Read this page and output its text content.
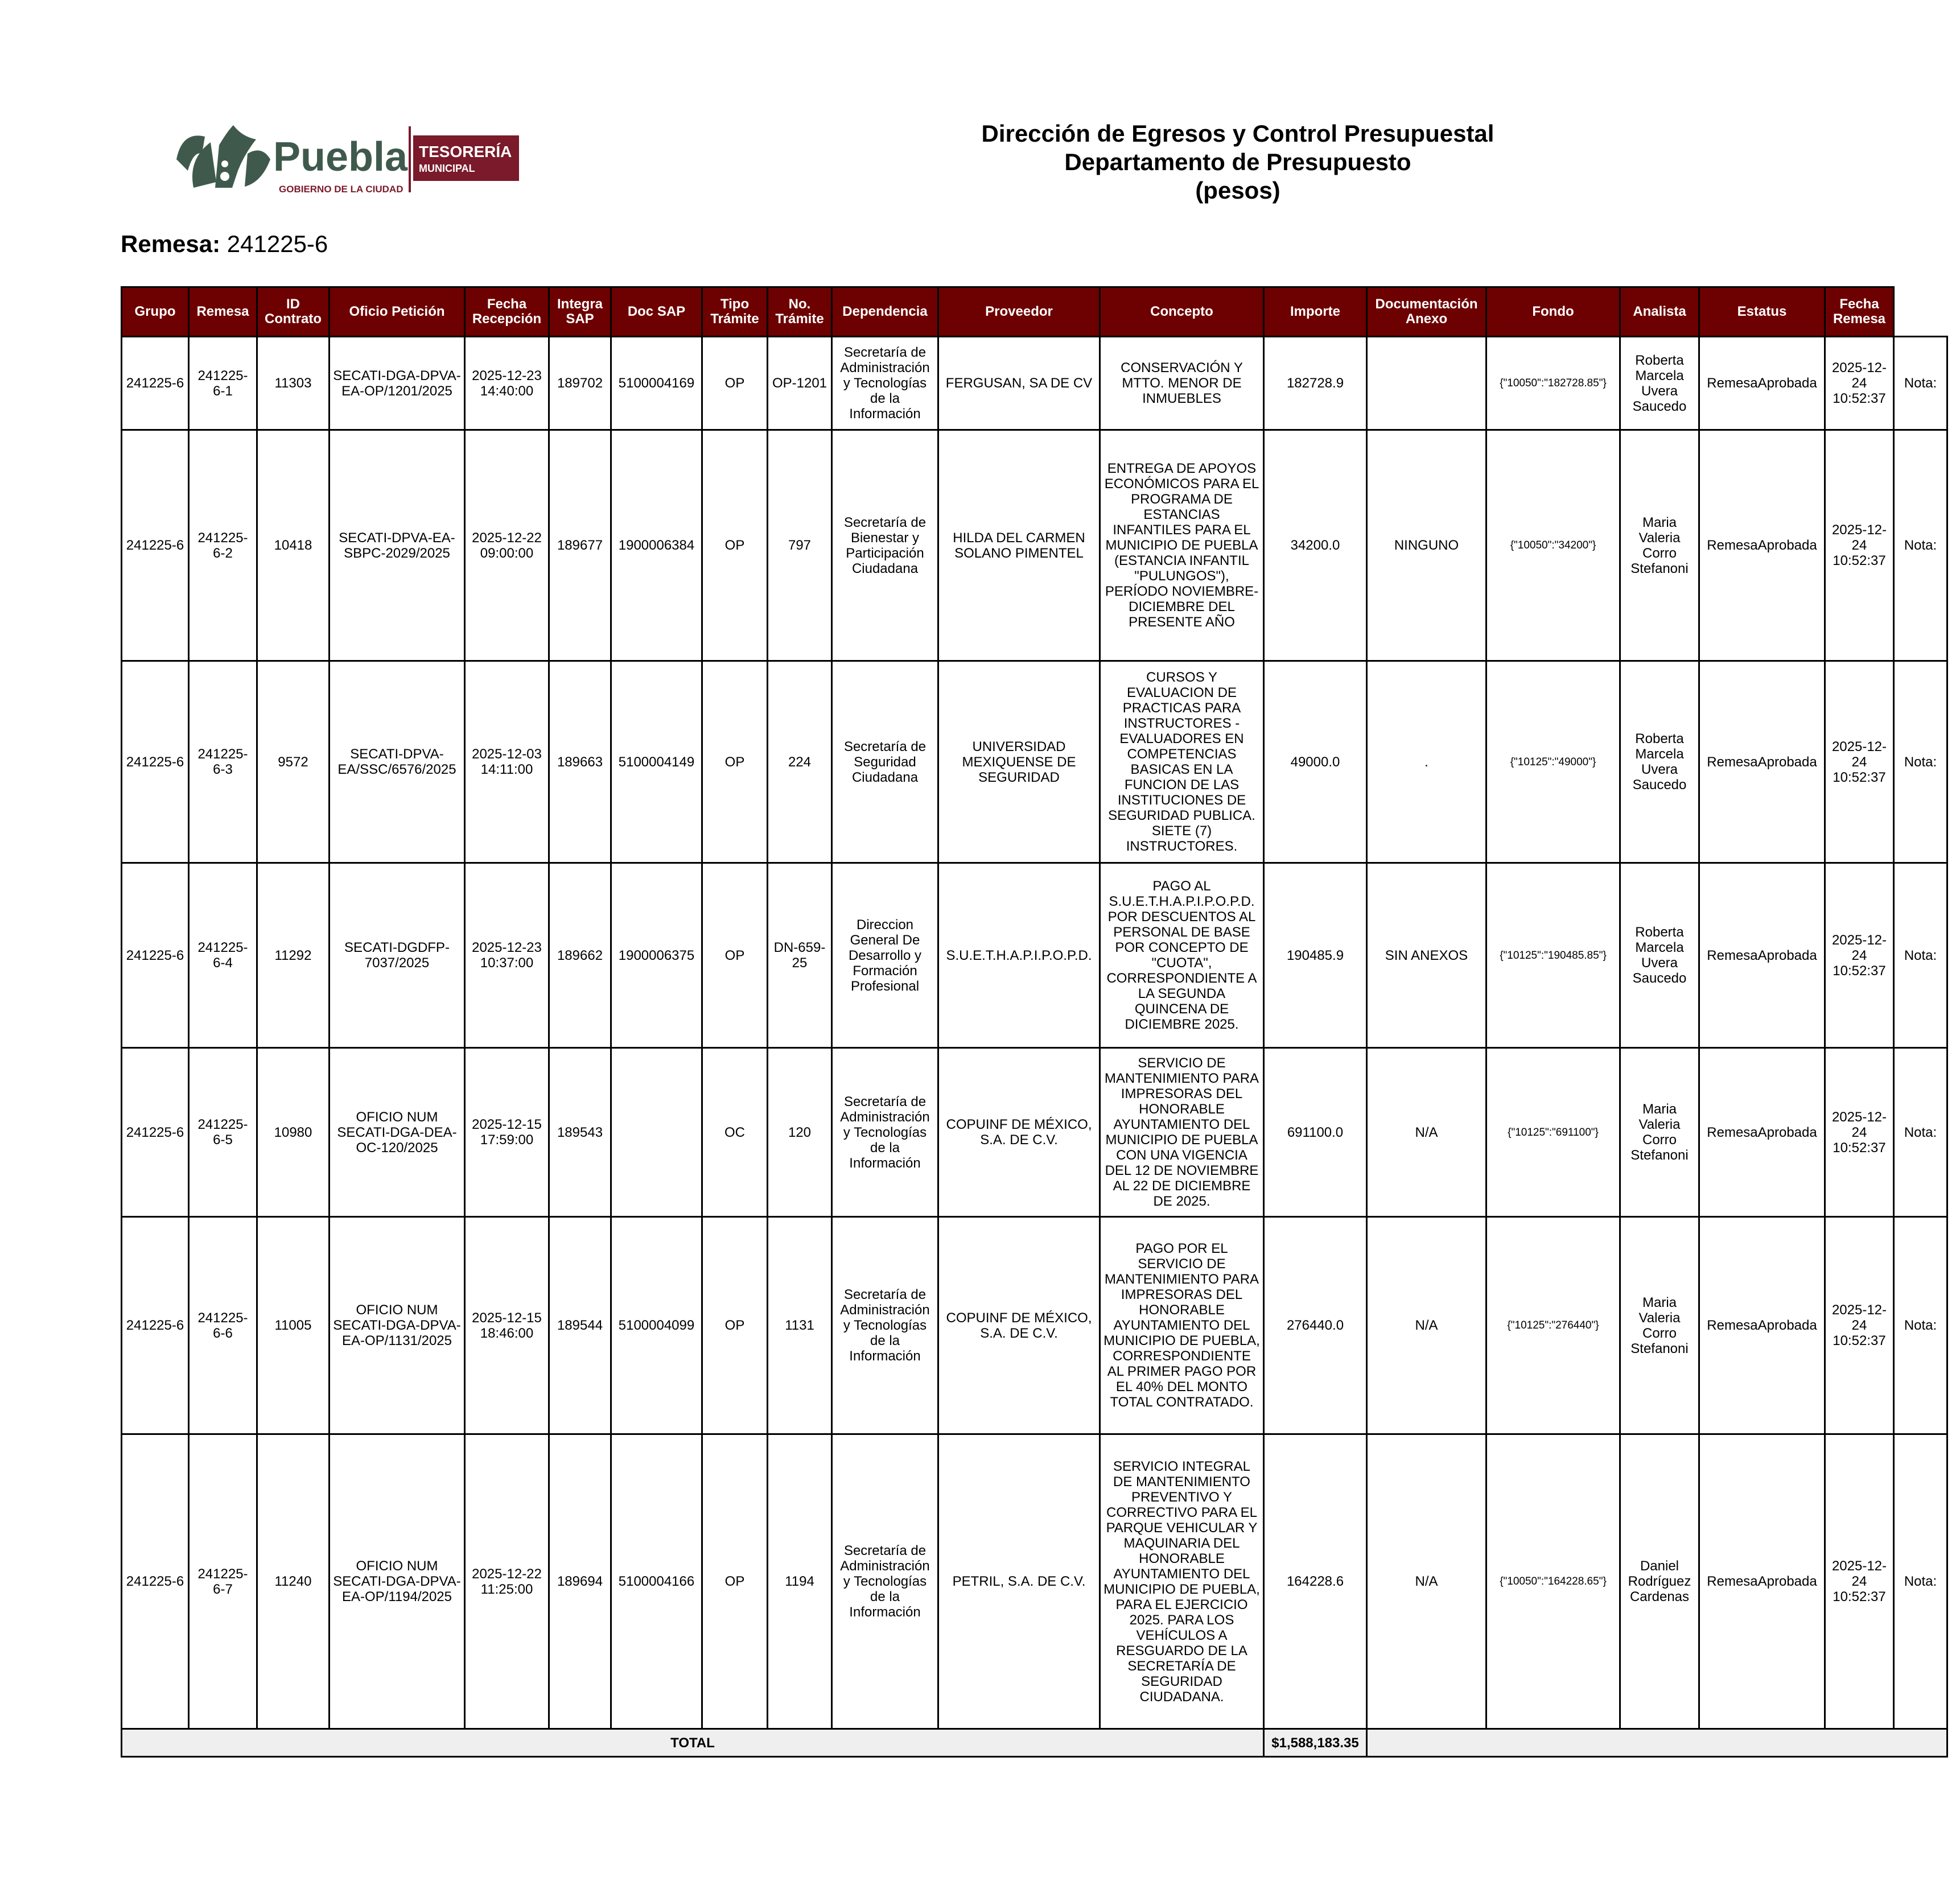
Puebla
GOBIERNO DE LA CIUDAD
TESORERÍA
MUNICIPAL
Dirección de Egresos y Control Presupuestal
Departamento de Presupuesto
(pesos)
Remesa: 241225-6
Grupo	Remesa	ID Contrato	Oficio Petición	Fecha Recepción	Integra SAP	Doc SAP	Tipo Trámite	No. Trámite	Dependencia	Proveedor	Concepto	Importe	Documentación Anexo	Fondo	Analista	Estatus	Fecha Remesa	
241225-6	241225-6-1	11303	SECATI-DGA-DPVA-EA-OP/1201/2025	2025-12-23 14:40:00	189702	5100004169	OP	OP-1201	Secretaría de Administración y Tecnologías de la Información	FERGUSAN, SA DE CV	CONSERVACIÓN Y MTTO. MENOR DE INMUEBLES	182728.9		{"10050":"182728.85"}	Roberta Marcela Uvera Saucedo	RemesaAprobada	2025-12-24 10:52:37	Nota:
241225-6	241225-6-2	10418	SECATI-DPVA-EA-SBPC-2029/2025	2025-12-22 09:00:00	189677	1900006384	OP	797	Secretaría de Bienestar y Participación Ciudadana	HILDA DEL CARMEN SOLANO PIMENTEL	ENTREGA DE APOYOS ECONÓMICOS PARA EL PROGRAMA DE ESTANCIAS INFANTILES PARA EL MUNICIPIO DE PUEBLA (ESTANCIA INFANTIL "PULUNGOS"), PERÍODO NOVIEMBRE-DICIEMBRE DEL PRESENTE AÑO	34200.0	NINGUNO	{"10050":"34200"}	Maria Valeria Corro Stefanoni	RemesaAprobada	2025-12-24 10:52:37	Nota:
241225-6	241225-6-3	9572	SECATI-DPVA-EA/SSC/6576/2025	2025-12-03 14:11:00	189663	5100004149	OP	224	Secretaría de Seguridad Ciudadana	UNIVERSIDAD MEXIQUENSE DE SEGURIDAD	CURSOS Y EVALUACION DE PRACTICAS PARA INSTRUCTORES - EVALUADORES EN COMPETENCIAS BASICAS EN LA FUNCION DE LAS INSTITUCIONES DE SEGURIDAD PUBLICA. SIETE (7) INSTRUCTORES.	49000.0	.	{"10125":"49000"}	Roberta Marcela Uvera Saucedo	RemesaAprobada	2025-12-24 10:52:37	Nota:
241225-6	241225-6-4	11292	SECATI-DGDFP-7037/2025	2025-12-23 10:37:00	189662	1900006375	OP	DN-659-25	Direccion General De Desarrollo y Formación Profesional	S.U.E.T.H.A.P.I.P.O.P.D.	PAGO AL S.U.E.T.H.A.P.I.P.O.P.D. POR DESCUENTOS AL PERSONAL DE BASE POR CONCEPTO DE "CUOTA", CORRESPONDIENTE A LA SEGUNDA QUINCENA DE DICIEMBRE 2025.	190485.9	SIN ANEXOS	{"10125":"190485.85"}	Roberta Marcela Uvera Saucedo	RemesaAprobada	2025-12-24 10:52:37	Nota:
241225-6	241225-6-5	10980	OFICIO NUM SECATI-DGA-DEA-OC-120/2025	2025-12-15 17:59:00	189543		OC	120	Secretaría de Administración y Tecnologías de la Información	COPUINF DE MÉXICO, S.A. DE C.V.	SERVICIO DE MANTENIMIENTO PARA IMPRESORAS DEL HONORABLE AYUNTAMIENTO DEL MUNICIPIO DE PUEBLA CON UNA VIGENCIA DEL 12 DE NOVIEMBRE AL 22 DE DICIEMBRE DE 2025.	691100.0	N/A	{"10125":"691100"}	Maria Valeria Corro Stefanoni	RemesaAprobada	2025-12-24 10:52:37	Nota:
241225-6	241225-6-6	11005	OFICIO NUM SECATI-DGA-DPVA-EA-OP/1131/2025	2025-12-15 18:46:00	189544	5100004099	OP	1131	Secretaría de Administración y Tecnologías de la Información	COPUINF DE MÉXICO, S.A. DE C.V.	PAGO POR EL SERVICIO DE MANTENIMIENTO PARA IMPRESORAS DEL HONORABLE AYUNTAMIENTO DEL MUNICIPIO DE PUEBLA, CORRESPONDIENTE AL PRIMER PAGO POR EL 40% DEL MONTO TOTAL CONTRATADO.	276440.0	N/A	{"10125":"276440"}	Maria Valeria Corro Stefanoni	RemesaAprobada	2025-12-24 10:52:37	Nota:
241225-6	241225-6-7	11240	OFICIO NUM SECATI-DGA-DPVA-EA-OP/1194/2025	2025-12-22 11:25:00	189694	5100004166	OP	1194	Secretaría de Administración y Tecnologías de la Información	PETRIL, S.A. DE C.V.	SERVICIO INTEGRAL DE MANTENIMIENTO PREVENTIVO Y CORRECTIVO PARA EL PARQUE VEHICULAR Y MAQUINARIA DEL HONORABLE AYUNTAMIENTO DEL MUNICIPIO DE PUEBLA, PARA EL EJERCICIO 2025. PARA LOS VEHÍCULOS A RESGUARDO DE LA SECRETARÍA DE SEGURIDAD CIUDADANA.	164228.6	N/A	{"10050":"164228.65"}	Daniel Rodríguez Cardenas	RemesaAprobada	2025-12-24 10:52:37	Nota:
TOTAL												$1,588,183.35						
